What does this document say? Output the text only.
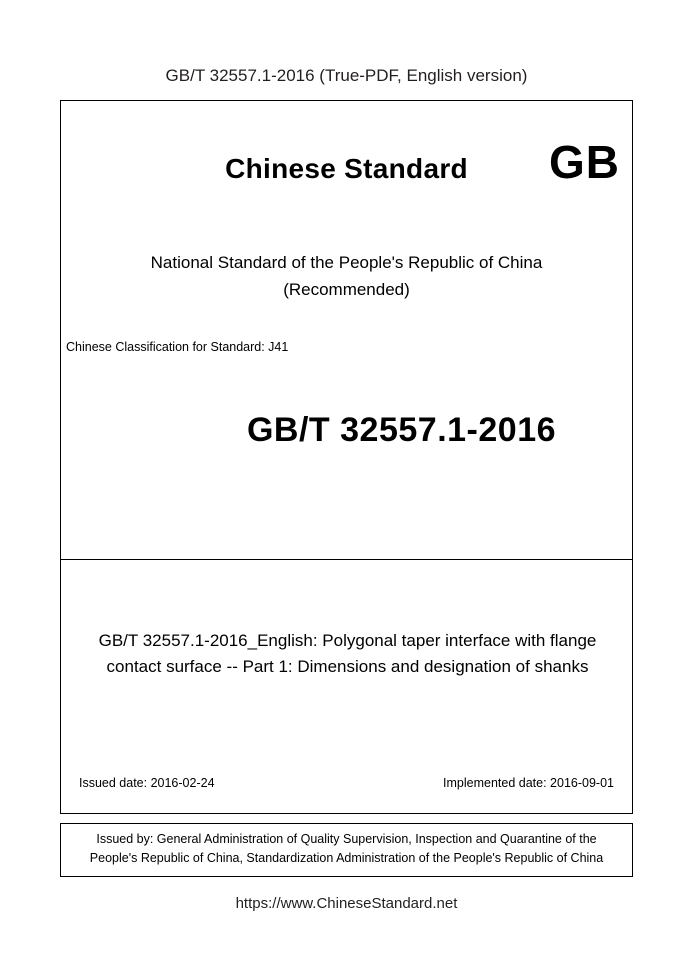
GB/T 32557.1-2016 (True-PDF, English version)
Chinese Standard	GB
National Standard of the People's Republic of China
(Recommended)
Chinese Classification for Standard: J41
GB/T 32557.1-2016
GB/T 32557.1-2016_English: Polygonal taper interface with flange contact surface -- Part 1: Dimensions and designation of shanks
Issued date: 2016-02-24	Implemented date: 2016-09-01
Issued by: General Administration of Quality Supervision, Inspection and Quarantine of the People's Republic of China, Standardization Administration of the People's Republic of China
https://www.ChineseStandard.net
